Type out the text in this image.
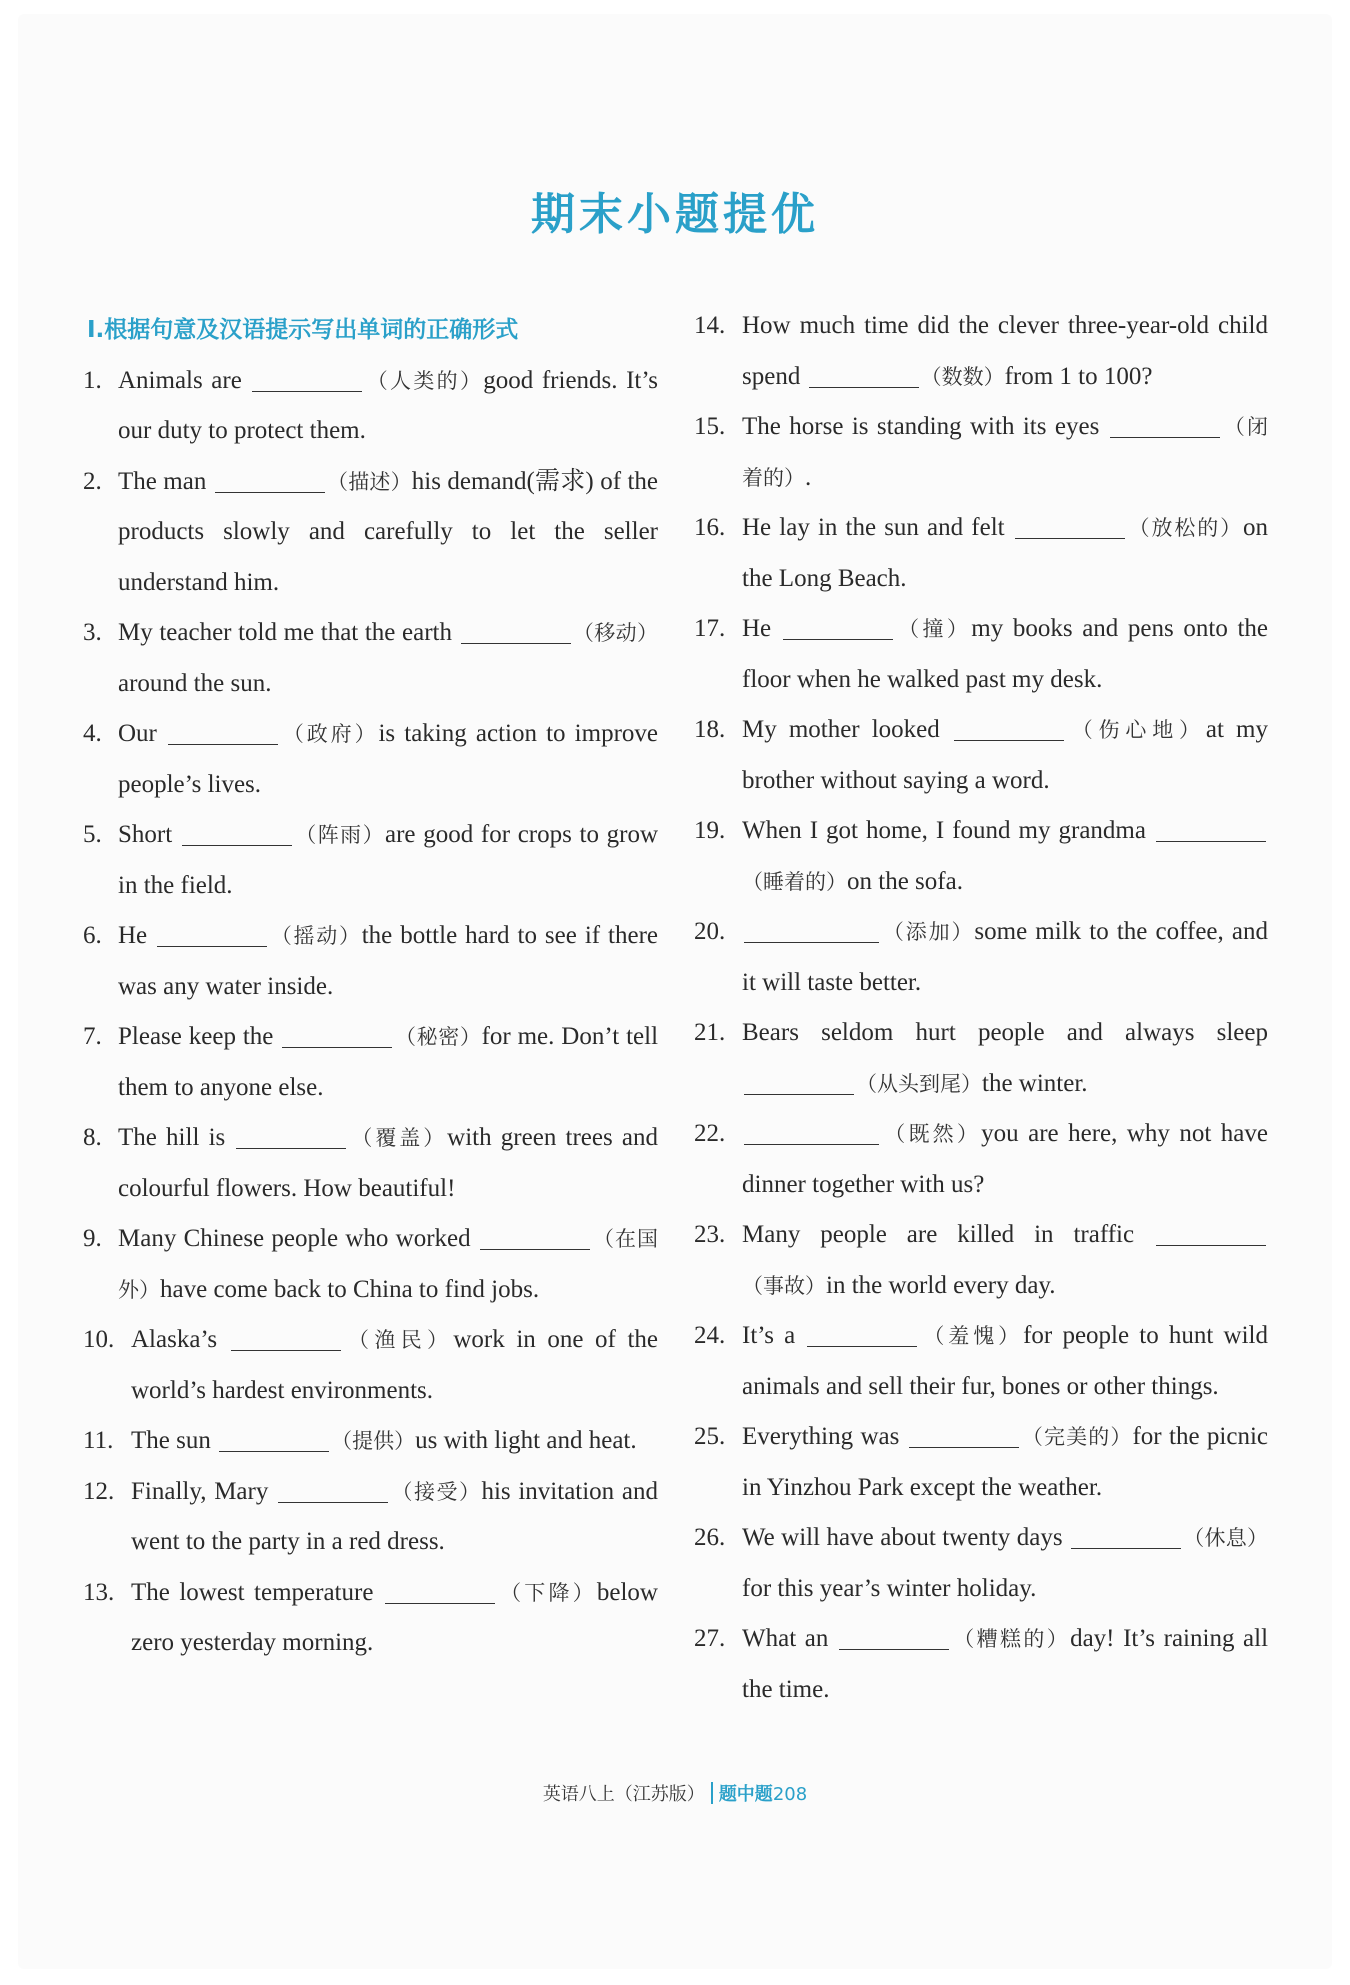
期末小题提优
Ⅰ.根据句意及汉语提示写出单词的正确形式
1. Animals are	（人类的）good friends. It’s our duty to protect them.
2. The man	（描述）his demand(需求) of the products slowly and carefully to let the seller understand him.
3. My teacher told me that the earth	（移动）around the sun.
4. Our	（政府）is taking action to improve people’s lives.
5. Short	（阵雨）are good for crops to grow in the field.
6. He	（摇动）the bottle hard to see if there was any water inside.
7. Please keep the	（秘密）for me. Don’t tell them to anyone else.
8. The hill is	（覆盖）with green trees and colourful flowers. How beautiful!
9. Many Chinese people who worked	（在国外）have come back to China to find jobs.
10. Alaska’s	（渔民）work in one of the world’s hardest environments.
11. The sun	（提供）us with light and heat.
12. Finally, Mary	（接受）his invitation and went to the party in a red dress.
13. The lowest temperature	（下降）below zero yesterday morning.
14. How much time did the clever three-year-old child spend	（数数）from 1 to 100?
15. The horse is standing with its eyes	（闭着的）.
16. He lay in the sun and felt	（放松的）on the Long Beach.
17. He	（撞）my books and pens onto the floor when he walked past my desk.
18. My mother looked	（伤心地）at my brother without saying a word.
19. When I got home, I found my grandma （睡着的）on the sofa.
20.	（添加）some milk to the coffee, and it will taste better.
21. Bears seldom hurt people and always sleep （从头到尾）the winter.
22.	（既然）you are here, why not have dinner together with us?
23. Many people are killed in traffic （事故）in the world every day.
24. It’s a	（羞愧）for people to hunt wild animals and sell their fur, bones or other things.
25. Everything was	（完美的）for the picnic in Yinzhou Park except the weather.
26. We will have about twenty days	（休息）for this year’s winter holiday.
27. What an	（糟糕的）day! It’s raining all the time.
英语八上（江苏版） 题中题208
